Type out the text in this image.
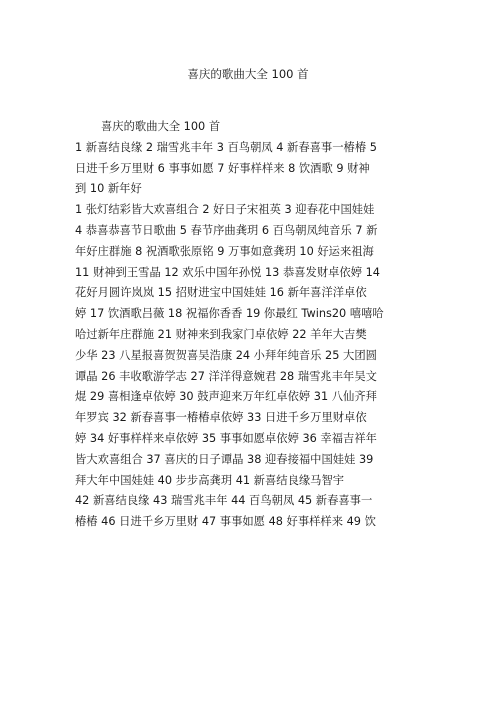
喜庆的歌曲大全 100 首
喜庆的歌曲大全 100 首
1 新喜结良缘 2 瑞雪兆丰年 3 百鸟朝凤 4 新春喜事一椿椿 5
日进千乡万里财 6 事事如愿 7 好事样样来 8 饮酒歌 9 财神
到 10 新年好
1 张灯结彩皆大欢喜组合 2 好日子宋祖英 3 迎春花中国娃娃
4 恭喜恭喜节日歌曲 5 春节序曲龚玥 6 百鸟朝凤纯音乐 7 新
年好庄群施 8 祝酒歌张原铭 9 万事如意龚玥 10 好运来祖海
11 财神到王雪晶 12 欢乐中国年孙悦 13 恭喜发财卓依婷 14
花好月圆许岚岚 15 招财进宝中国娃娃 16 新年喜洋洋卓依
婷 17 饮酒歌吕薇 18 祝福你香香 19 你最红 Twins20 嘻嘻哈
哈过新年庄群施 21 财神来到我家门卓依婷 22 羊年大吉樊
少华 23 八星报喜贺贺喜吴浩康 24 小拜年纯音乐 25 大团圆
谭晶 26 丰收歌游学志 27 洋洋得意婉君 28 瑞雪兆丰年吴文
焜 29 喜相逢卓依婷 30 鼓声迎来万年红卓依婷 31 八仙齐拜
年罗宾 32 新春喜事一椿椿卓依婷 33 日进千乡万里财卓依
婷 34 好事样样来卓依婷 35 事事如愿卓依婷 36 幸福吉祥年
皆大欢喜组合 37 喜庆的日子谭晶 38 迎春接福中国娃娃 39
拜大年中国娃娃 40 步步高龚玥 41 新喜结良缘马智宇
42 新喜结良缘 43 瑞雪兆丰年 44 百鸟朝凤 45 新春喜事一
椿椿 46 日进千乡万里财 47 事事如愿 48 好事样样来 49 饮
